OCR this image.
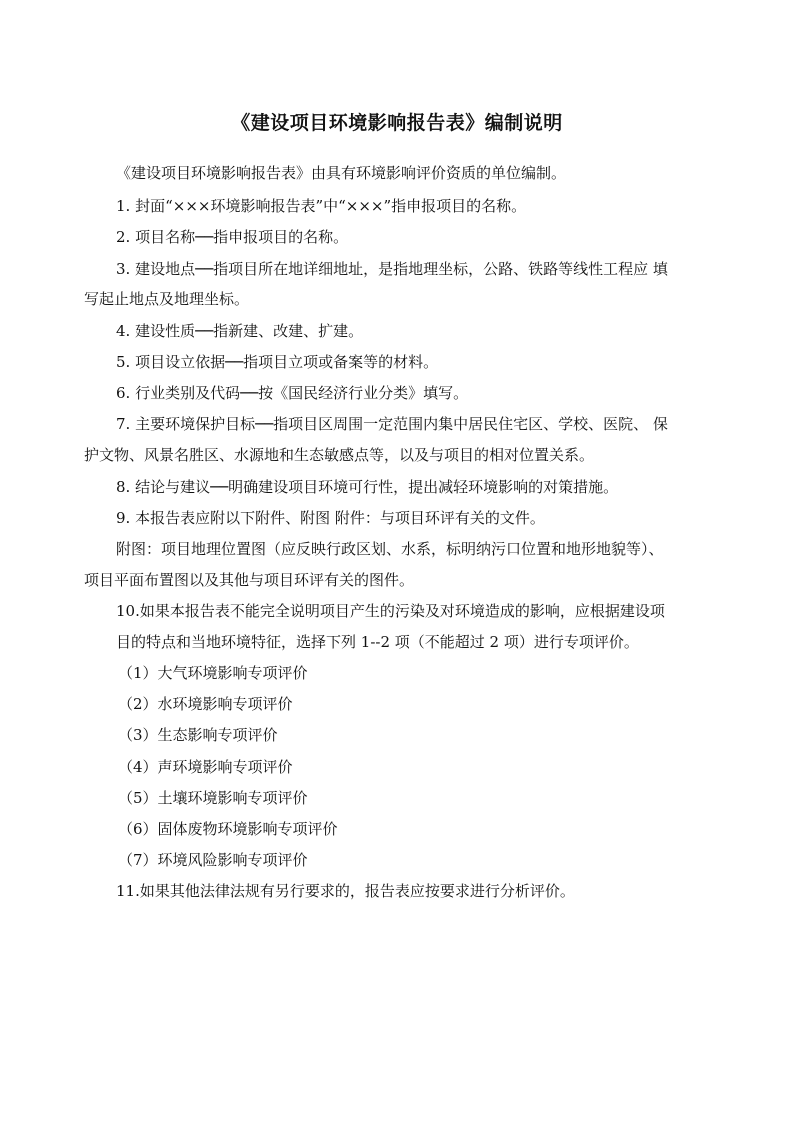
《建设项目环境影响报告表》编制说明
《建设项目环境影响报告表》由具有环境影响评价资质的单位编制。
1. 封面“×××环境影响报告表”中“×××”指申报项目的名称。
2. 项目名称──指申报项目的名称。
3. 建设地点──指项目所在地详细地址，是指地理坐标，公路、铁路等线性工程应 填
写起止地点及地理坐标。
4. 建设性质──指新建、改建、扩建。
5. 项目设立依据──指项目立项或备案等的材料。
6. 行业类别及代码──按《国民经济行业分类》填写。
7. 主要环境保护目标──指项目区周围一定范围内集中居民住宅区、学校、医院、 保
护文物、风景名胜区、水源地和生态敏感点等，以及与项目的相对位置关系。
8. 结论与建议──明确建设项目环境可行性，提出减轻环境影响的对策措施。
9. 本报告表应附以下附件、附图 附件：与项目环评有关的文件。
附图：项目地理位置图（应反映行政区划、水系，标明纳污口位置和地形地貌等）、
项目平面布置图以及其他与项目环评有关的图件。
10.如果本报告表不能完全说明项目产生的污染及对环境造成的影响，应根据建设项
目的特点和当地环境特征，选择下列 1--2 项（不能超过 2 项）进行专项评价。
（1）大气环境影响专项评价
（2）水环境影响专项评价
（3）生态影响专项评价
（4）声环境影响专项评价
（5）土壤环境影响专项评价
（6）固体废物环境影响专项评价
（7）环境风险影响专项评价
11.如果其他法律法规有另行要求的，报告表应按要求进行分析评价。
